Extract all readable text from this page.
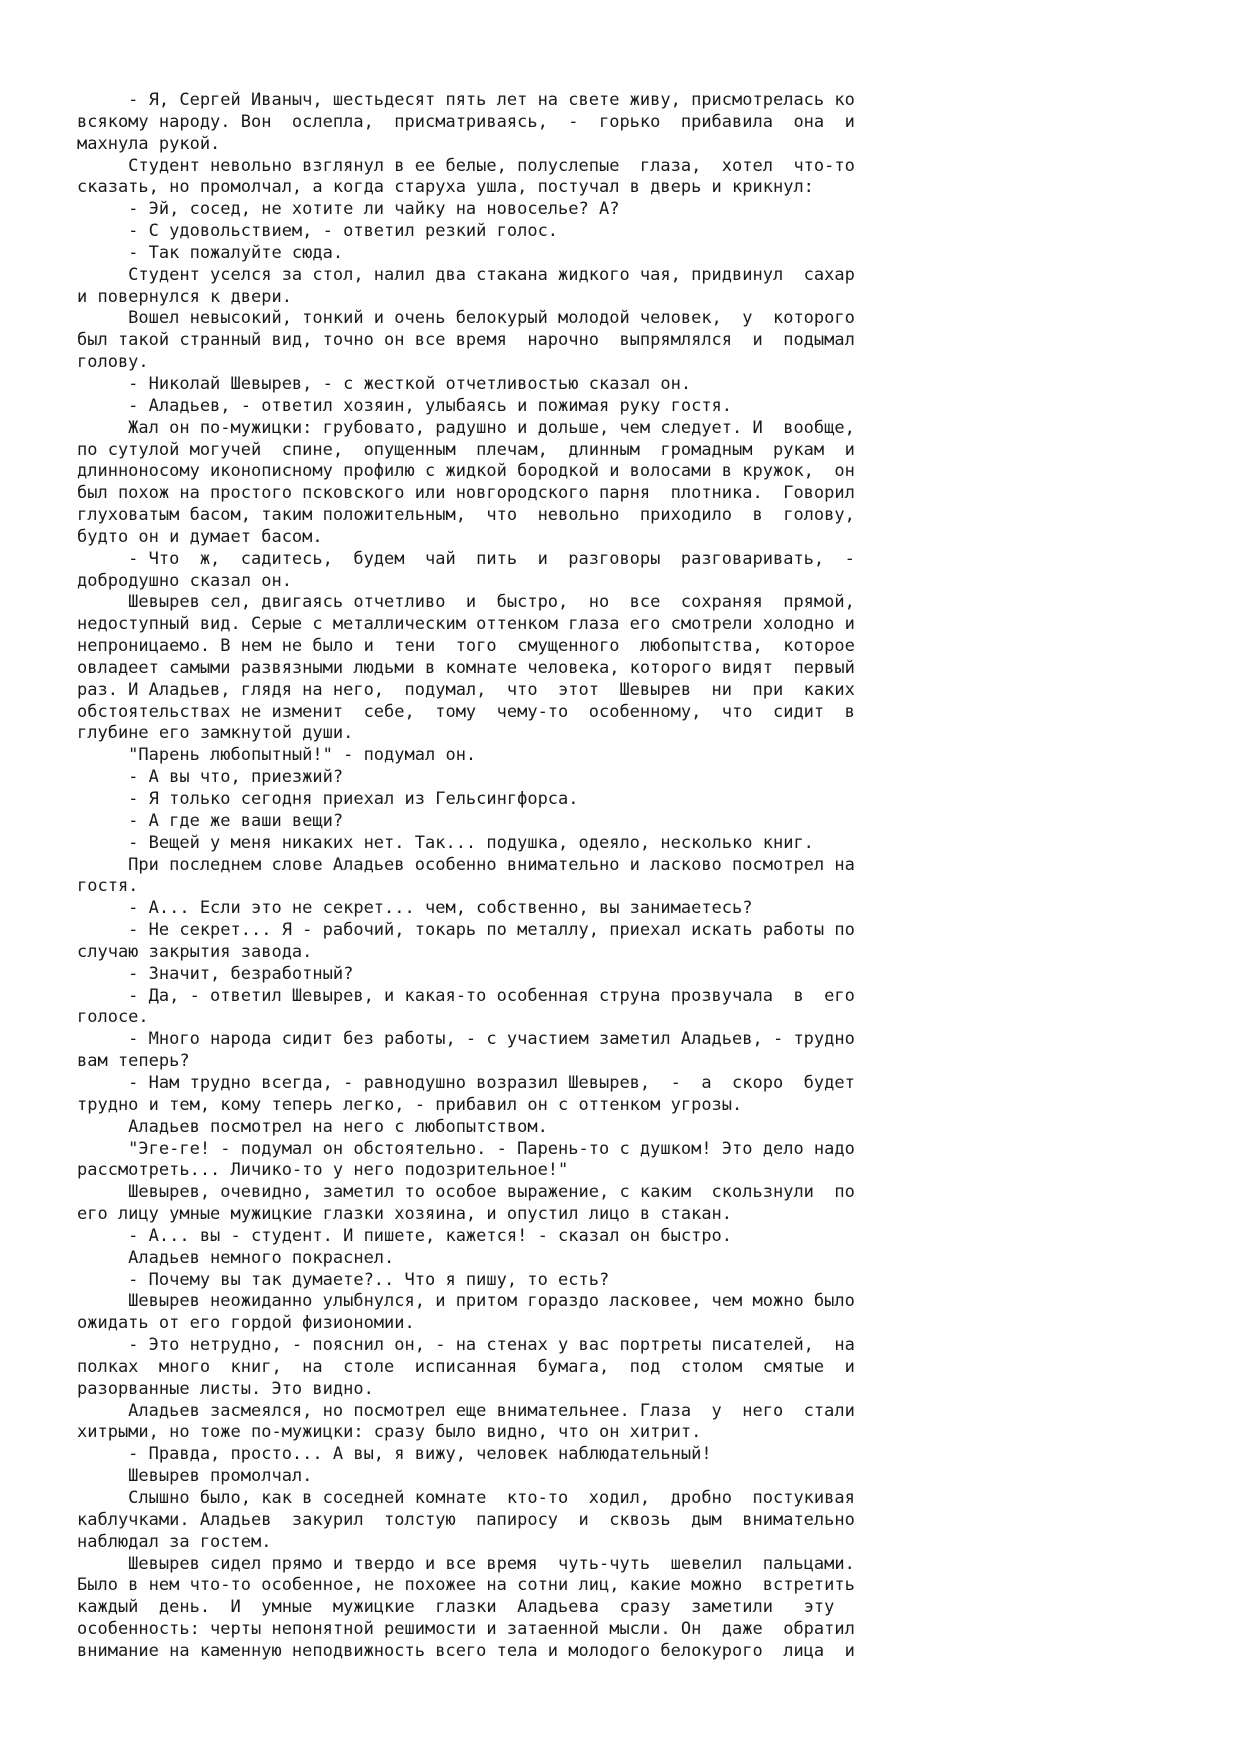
- Я, Сергей Иваныч, шестьдесят пять лет на свете живу, присмотрелась ко
всякому народу. Вон  ослепла,  присматриваясь,  -  горько  прибавила  она  и
махнула рукой.
Студент невольно взглянул в ее белые, полуслепые  глаза,  хотел  что-то
сказать, но промолчал, а когда старуха ушла, постучал в дверь и крикнул:
- Эй, сосед, не хотите ли чайку на новоселье? А?
- С удовольствием, - ответил резкий голос.
- Так пожалуйте сюда.
Студент уселся за стол, налил два стакана жидкого чая, придвинул  сахар
и повернулся к двери.
Вошел невысокий, тонкий и очень белокурый молодой человек,  у  которого
был такой странный вид, точно он все время  нарочно  выпрямлялся  и  подымал
голову.
- Николай Шевырев, - с жесткой отчетливостью сказал он.
- Аладьев, - ответил хозяин, улыбаясь и пожимая руку гостя.
Жал он по-мужицки: грубовато, радушно и дольше, чем следует. И  вообще,
по сутулой могучей  спине,  опущенным  плечам,  длинным  громадным  рукам  и
длинноносому иконописному профилю с жидкой бородкой и волосами в кружок,  он
был похож на простого псковского или новгородского парня  плотника.  Говорил
глуховатым басом, таким положительным,  что  невольно  приходило  в  голову,
будто он и думает басом.
- Что  ж,  садитесь,  будем  чай  пить  и  разговоры  разговаривать,  -
добродушно сказал он.
Шевырев сел, двигаясь отчетливо  и  быстро,  но  все  сохраняя  прямой,
недоступный вид. Серые с металлическим оттенком глаза его смотрели холодно и
непроницаемо. В нем не было и  тени  того  смущенного  любопытства,  которое
овладеет самыми развязными людьми в комнате человека, которого видят  первый
раз. И Аладьев, глядя на него,  подумал,  что  этот  Шевырев  ни  при  каких
обстоятельствах не изменит  себе,  тому  чему-то  особенному,  что  сидит  в
глубине его замкнутой души.
"Парень любопытный!" - подумал он.
- А вы что, приезжий?
- Я только сегодня приехал из Гельсингфорса.
- А где же ваши вещи?
- Вещей у меня никаких нет. Так... подушка, одеяло, несколько книг.
При последнем слове Аладьев особенно внимательно и ласково посмотрел на
гостя.
- А... Если это не секрет... чем, собственно, вы занимаетесь?
- Не секрет... Я - рабочий, токарь по металлу, приехал искать работы по
случаю закрытия завода.
- Значит, безработный?
- Да, - ответил Шевырев, и какая-то особенная струна прозвучала  в  его
голосе.
- Много народа сидит без работы, - с участием заметил Аладьев, - трудно
вам теперь?
- Нам трудно всегда, - равнодушно возразил Шевырев,  -  а  скоро  будет
трудно и тем, кому теперь легко, - прибавил он с оттенком угрозы.
Аладьев посмотрел на него с любопытством.
"Эге-ге! - подумал он обстоятельно. - Парень-то с душком! Это дело надо
рассмотреть... Личико-то у него подозрительное!"
Шевырев, очевидно, заметил то особое выражение, с каким  скользнули  по
его лицу умные мужицкие глазки хозяина, и опустил лицо в стакан.
- А... вы - студент. И пишете, кажется! - сказал он быстро.
Аладьев немного покраснел.
- Почему вы так думаете?.. Что я пишу, то есть?
Шевырев неожиданно улыбнулся, и притом гораздо ласковее, чем можно было
ожидать от его гордой физиономии.
- Это нетрудно, - пояснил он, - на стенах у вас портреты писателей,  на
полках  много  книг,  на  столе  исписанная  бумага,  под  столом  смятые  и
разорванные листы. Это видно.
Аладьев засмеялся, но посмотрел еще внимательнее. Глаза  у  него  стали
хитрыми, но тоже по-мужицки: сразу было видно, что он хитрит.
- Правда, просто... А вы, я вижу, человек наблюдательный!
Шевырев промолчал.
Слышно было, как в соседней комнате  кто-то  ходил,  дробно  постукивая
каблучками. Аладьев  закурил  толстую  папиросу  и  сквозь  дым  внимательно
наблюдал за гостем.
Шевырев сидел прямо и твердо и все время  чуть-чуть  шевелил  пальцами.
Было в нем что-то особенное, не похожее на сотни лиц, какие можно  встретить
каждый  день.  И  умные  мужицкие  глазки  Аладьева  сразу  заметили   эту
особенность: черты непонятной решимости и затаенной мысли. Он  даже  обратил
внимание на каменную неподвижность всего тела и молодого белокурого  лица  и
